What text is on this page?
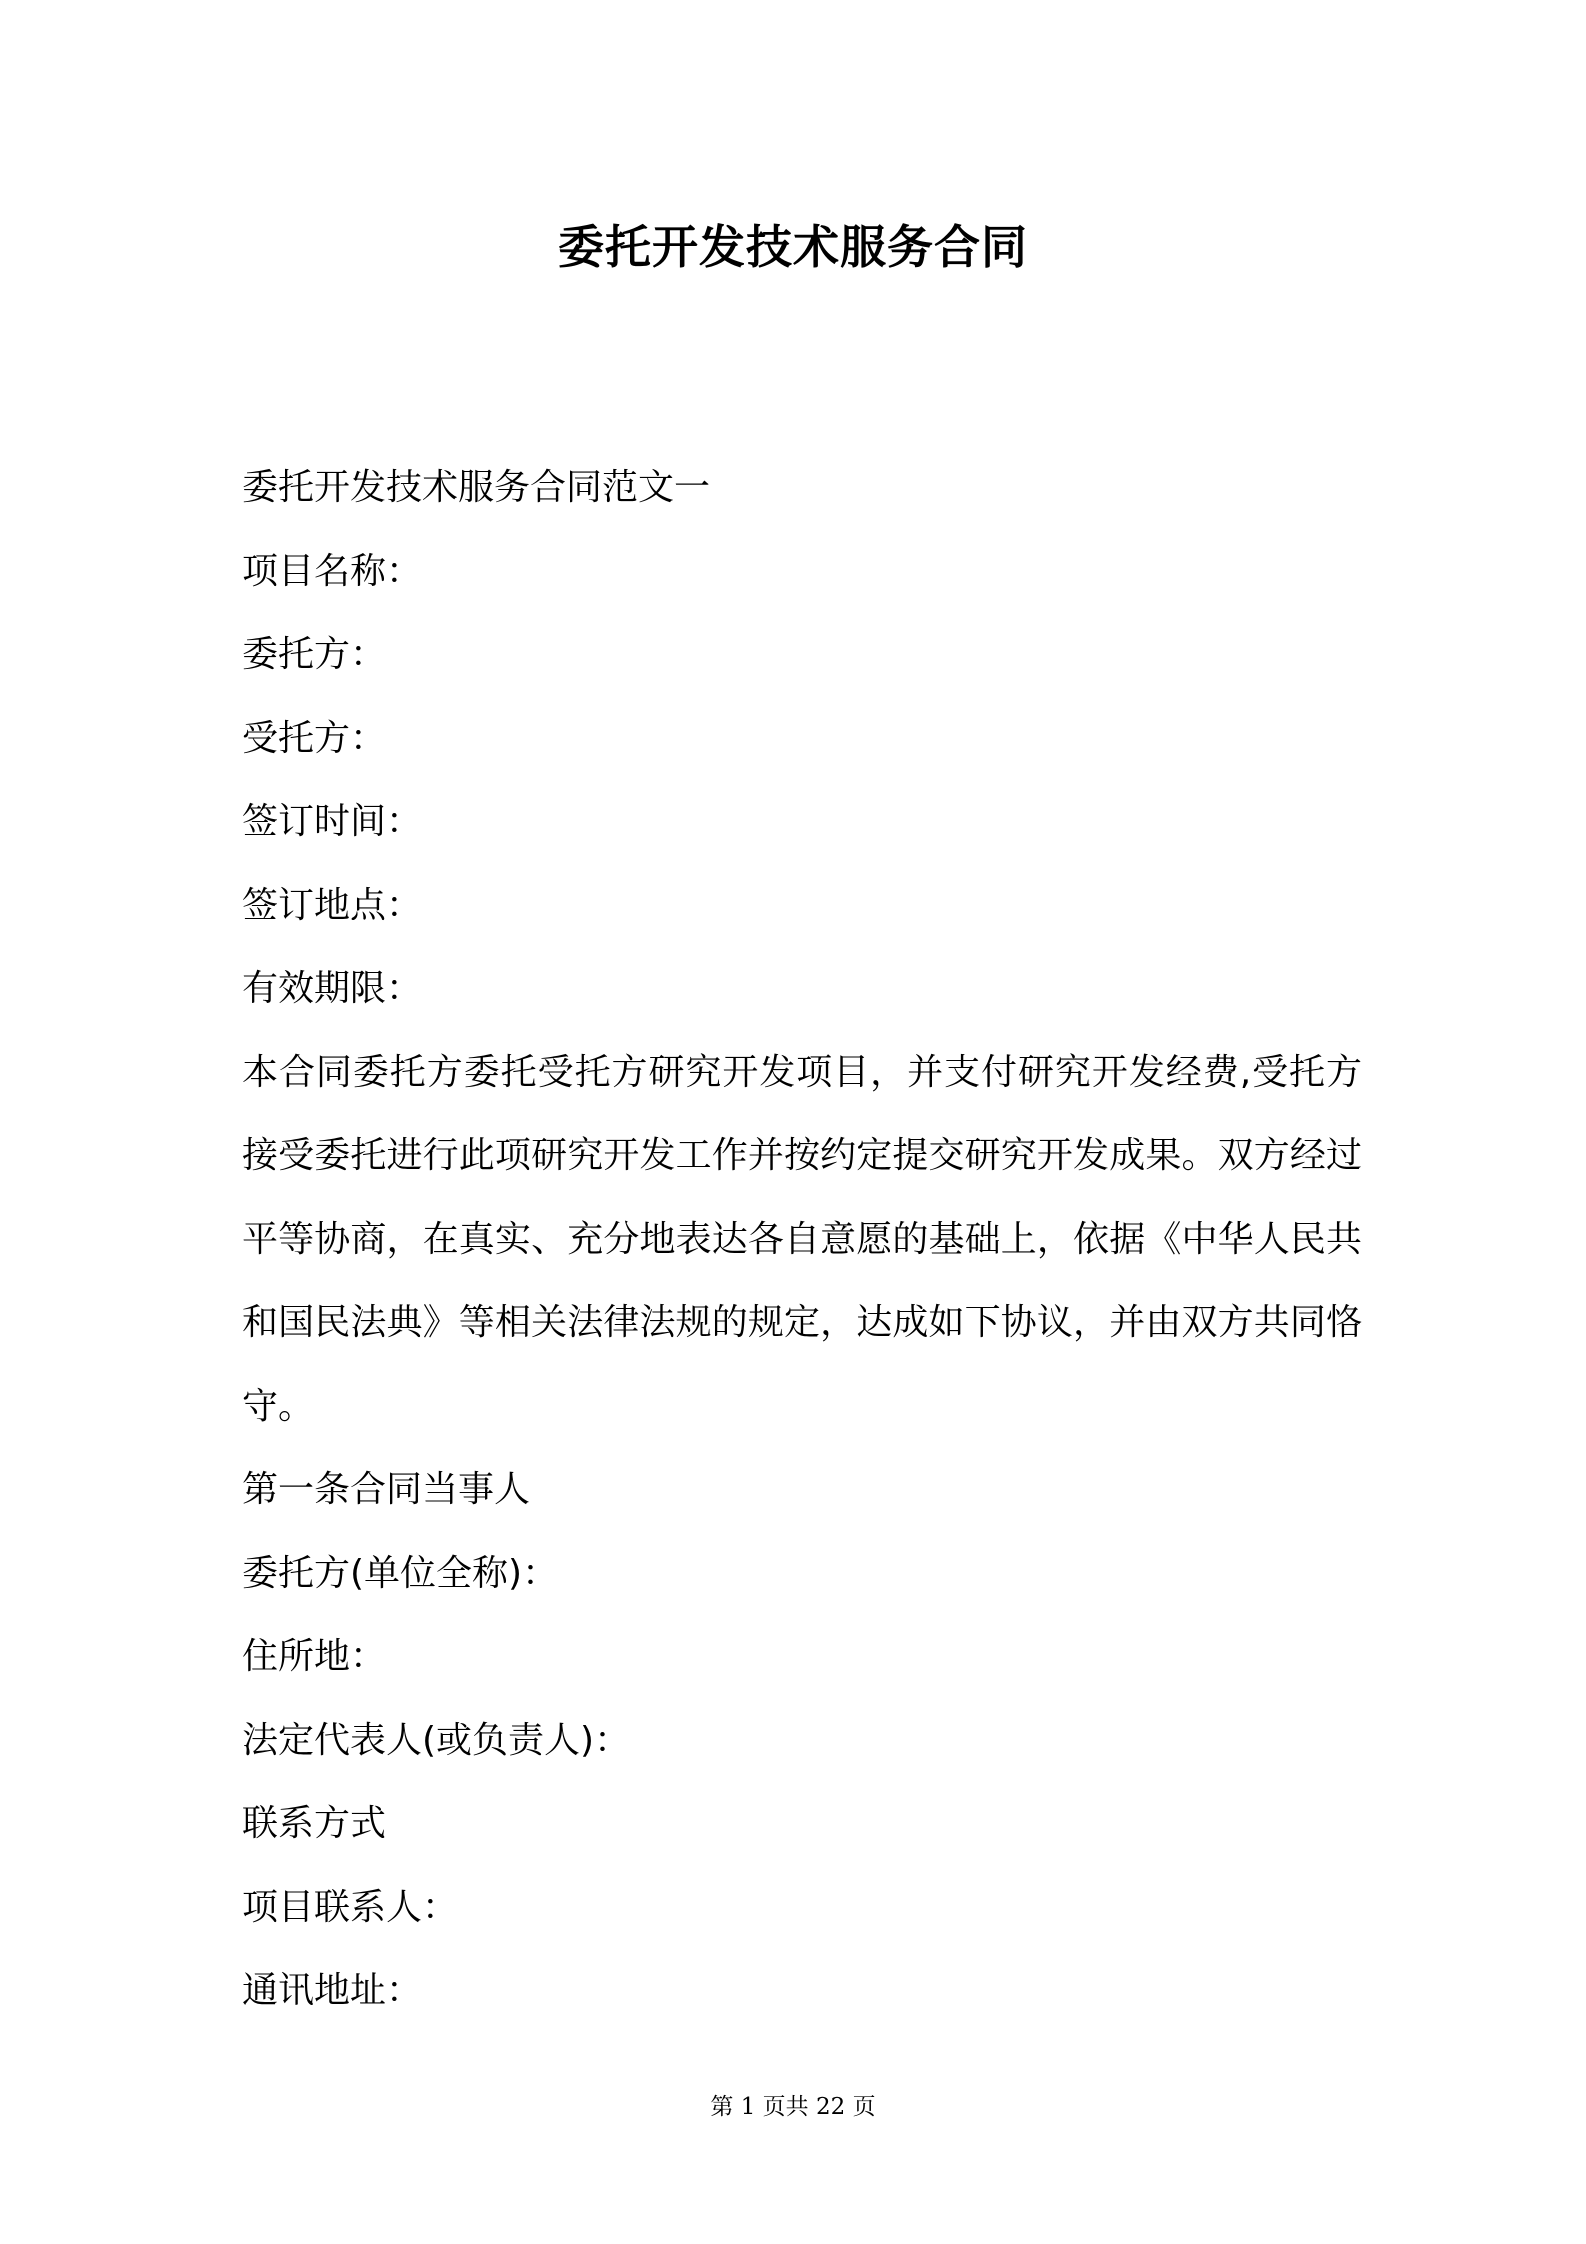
委托开发技术服务合同
委托开发技术服务合同范文一
项目名称：
委托方：
受托方：
签订时间：
签订地点：
有效期限：
本合同委托方委托受托方研究开发项目，并支付研究开发经费,受托方接受委托进行此项研究开发工作并按约定提交研究开发成果。双方经过平等协商，在真实、充分地表达各自意愿的基础上，依据《中华人民共和国民法典》等相关法律法规的规定，达成如下协议，并由双方共同恪守。
第一条合同当事人
委托方(单位全称)：
住所地：
法定代表人(或负责人)：
联系方式
项目联系人：
通讯地址：
第 1 页共 22 页
